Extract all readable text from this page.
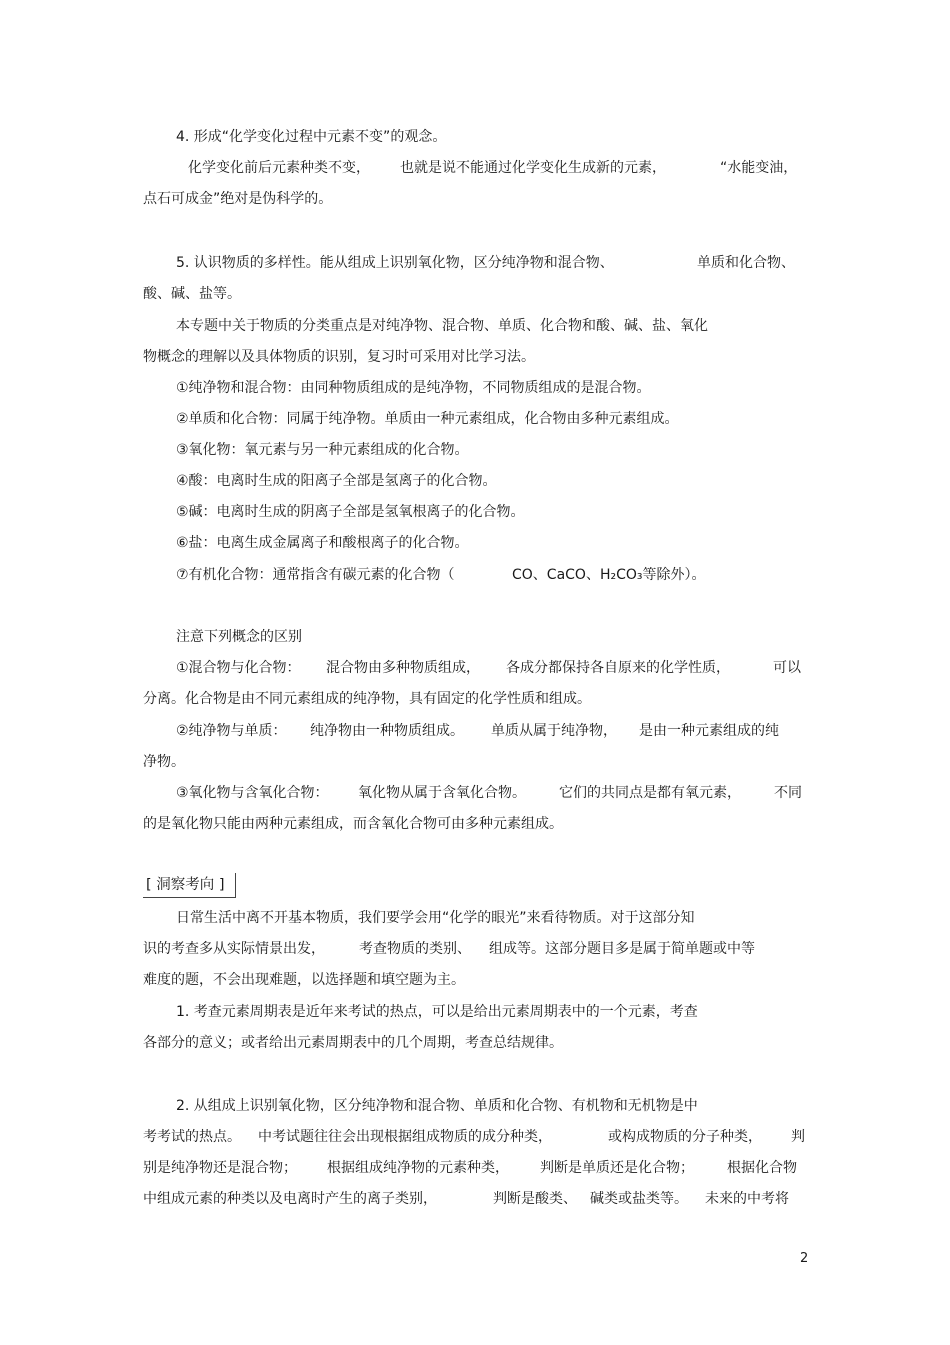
4. 形成“化学变化过程中元素不变”的观念。
化学变化前后元素种类不变， 也就是说不能通过化学变化生成新的元素，	“水能变油，
点石可成金”绝对是伪科学的。
5. 认识物质的多样性。能从组成上识别氧化物，区分纯净物和混合物、	单质和化合物、
酸、碱、盐等。
本专题中关于物质的分类重点是对纯净物、混合物、单质、化合物和酸、碱、盐、氧化
物概念的理解以及具体物质的识别，复习时可采用对比学习法。
①纯净物和混合物：由同种物质组成的是纯净物，不同物质组成的是混合物。
②单质和化合物：同属于纯净物。单质由一种元素组成，化合物由多种元素组成。
③氧化物：氧元素与另一种元素组成的化合物。
④酸：电离时生成的阳离子全部是氢离子的化合物。
⑤碱：电离时生成的阴离子全部是氢氧根离子的化合物。
⑥盐：电离生成金属离子和酸根离子的化合物。
⑦有机化合物：通常指含有碳元素的化合物（	CO、CaCO、H₂CO₃等除外）。
注意下列概念的区别
①混合物与化合物： 混合物由多种物质组成， 各成分都保持各自原来的化学性质，	可以
分离。化合物是由不同元素组成的纯净物，具有固定的化学性质和组成。
②纯净物与单质： 纯净物由一种物质组成。 单质从属于纯净物， 是由一种元素组成的纯
净物。
③氧化物与含氧化合物： 氧化物从属于含氧化合物。 它们的共同点是都有氧元素， 不同
的是氧化物只能由两种元素组成，而含氧化合物可由多种元素组成。
[ 洞察考向 ]
日常生活中离不开基本物质，我们要学会用“化学的眼光”来看待物质。对于这部分知
识的考查多从实际情景出发， 考查物质的类别、 组成等。这部分题目多是属于简单题或中等
难度的题，不会出现难题，以选择题和填空题为主。
1. 考查元素周期表是近年来考试的热点，可以是给出元素周期表中的一个元素，考查
各部分的意义；或者给出元素周期表中的几个周期，考查总结规律。
2. 从组成上识别氧化物，区分纯净物和混合物、单质和化合物、有机物和无机物是中
考考试的热点。 中考试题往往会出现根据组成物质的成分种类，	或构成物质的分子种类， 判
别是纯净物还是混合物； 根据组成纯净物的元素种类， 判断是单质还是化合物； 根据化合物
中组成元素的种类以及电离时产生的离子类别，	判断是酸类、 碱类或盐类等。 未来的中考将
2
